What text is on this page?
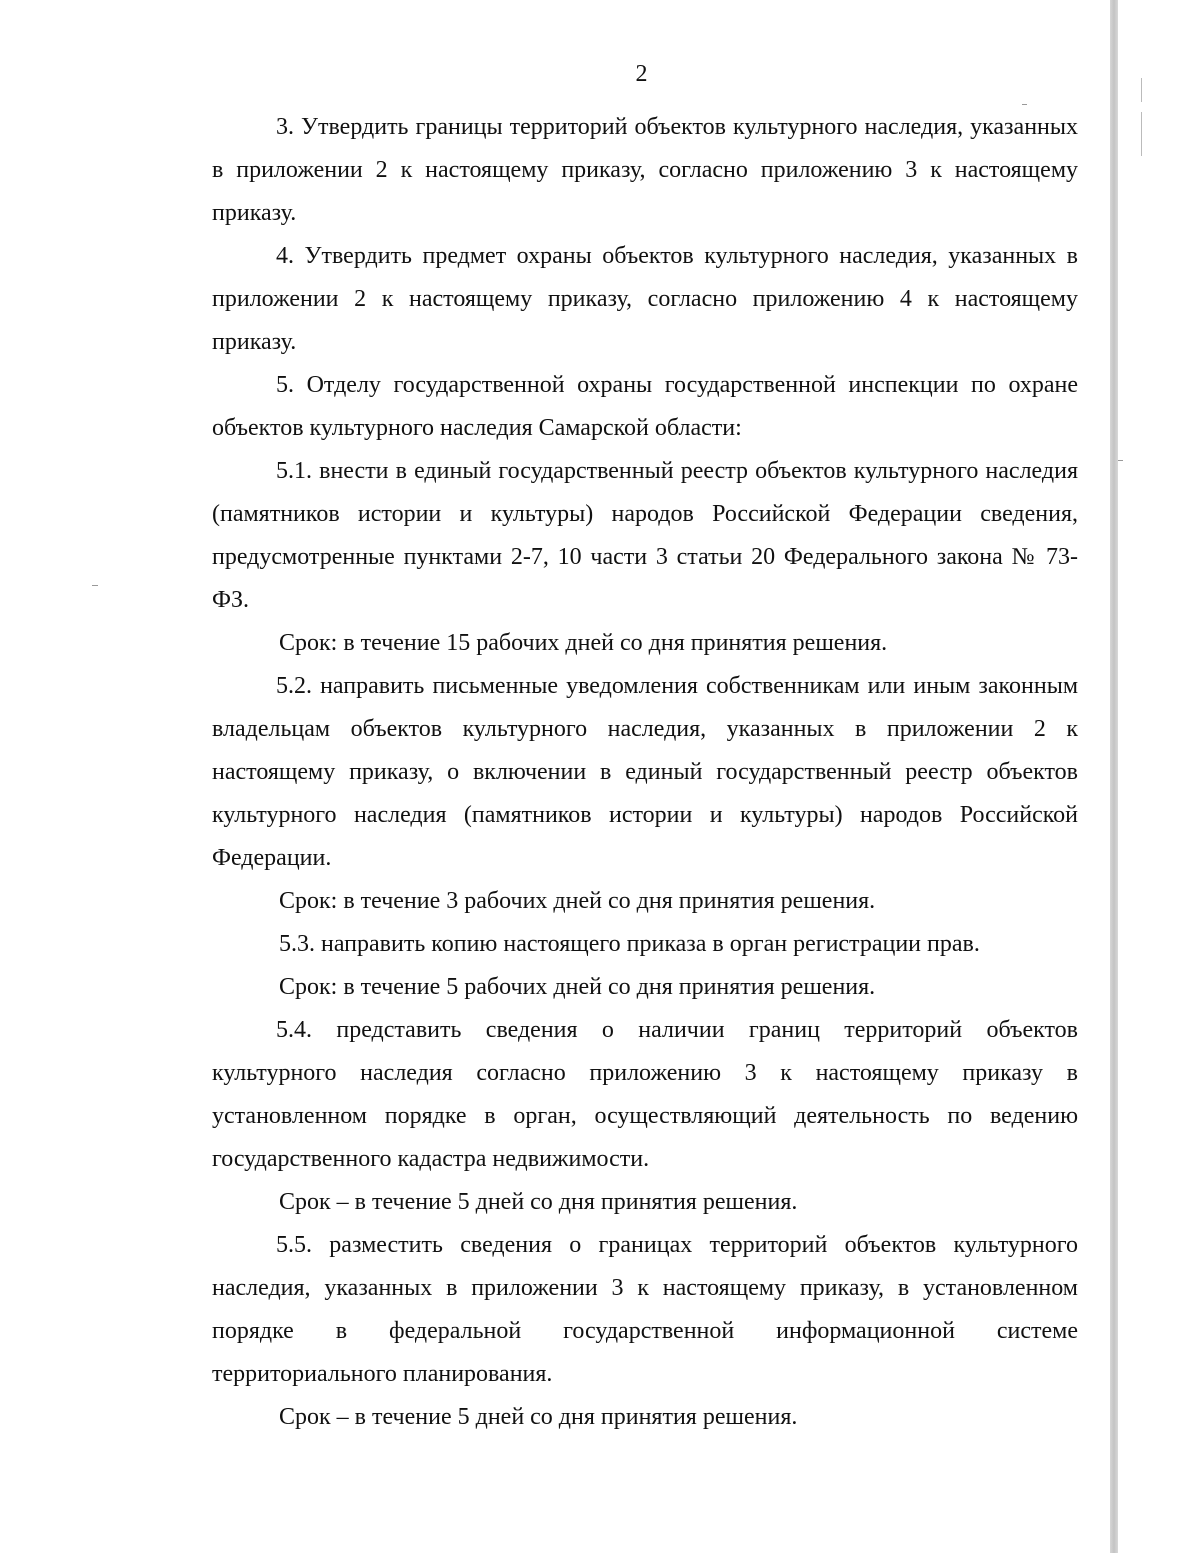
2

3. Утвердить границы территорий объектов культурного наследия, указанных в приложении 2 к настоящему приказу, согласно приложению 3 к настоящему приказу.

4. Утвердить предмет охраны объектов культурного наследия, указанных в приложении 2 к настоящему приказу, согласно приложению 4 к настоящему приказу.

5. Отделу государственной охраны государственной инспекции по охране объектов культурного наследия Самарской области:

5.1. внести в единый государственный реестр объектов культурного наследия (памятников истории и культуры) народов Российской Федерации сведения, предусмотренные пунктами 2-7, 10 части 3 статьи 20 Федерального закона № 73-ФЗ.

Срок: в течение 15 рабочих дней со дня принятия решения.

5.2. направить письменные уведомления собственникам или иным законным владельцам объектов культурного наследия, указанных в приложении 2 к настоящему приказу, о включении в единый государственный реестр объектов культурного наследия (памятников истории и культуры) народов Российской Федерации.

Срок: в течение 3 рабочих дней со дня принятия решения.

5.3. направить копию настоящего приказа в орган регистрации прав.

Срок: в течение 5 рабочих дней со дня принятия решения.

5.4. представить сведения о наличии границ территорий объектов культурного наследия согласно приложению 3 к настоящему приказу в установленном порядке в орган, осуществляющий деятельность по ведению государственного кадастра недвижимости.

Срок – в течение 5 дней со дня принятия решения.

5.5. разместить сведения о границах территорий объектов культурного наследия, указанных в приложении 3 к настоящему приказу, в установленном порядке в федеральной государственной информационной системе территориального планирования.

Срок – в течение 5 дней со дня принятия решения.
